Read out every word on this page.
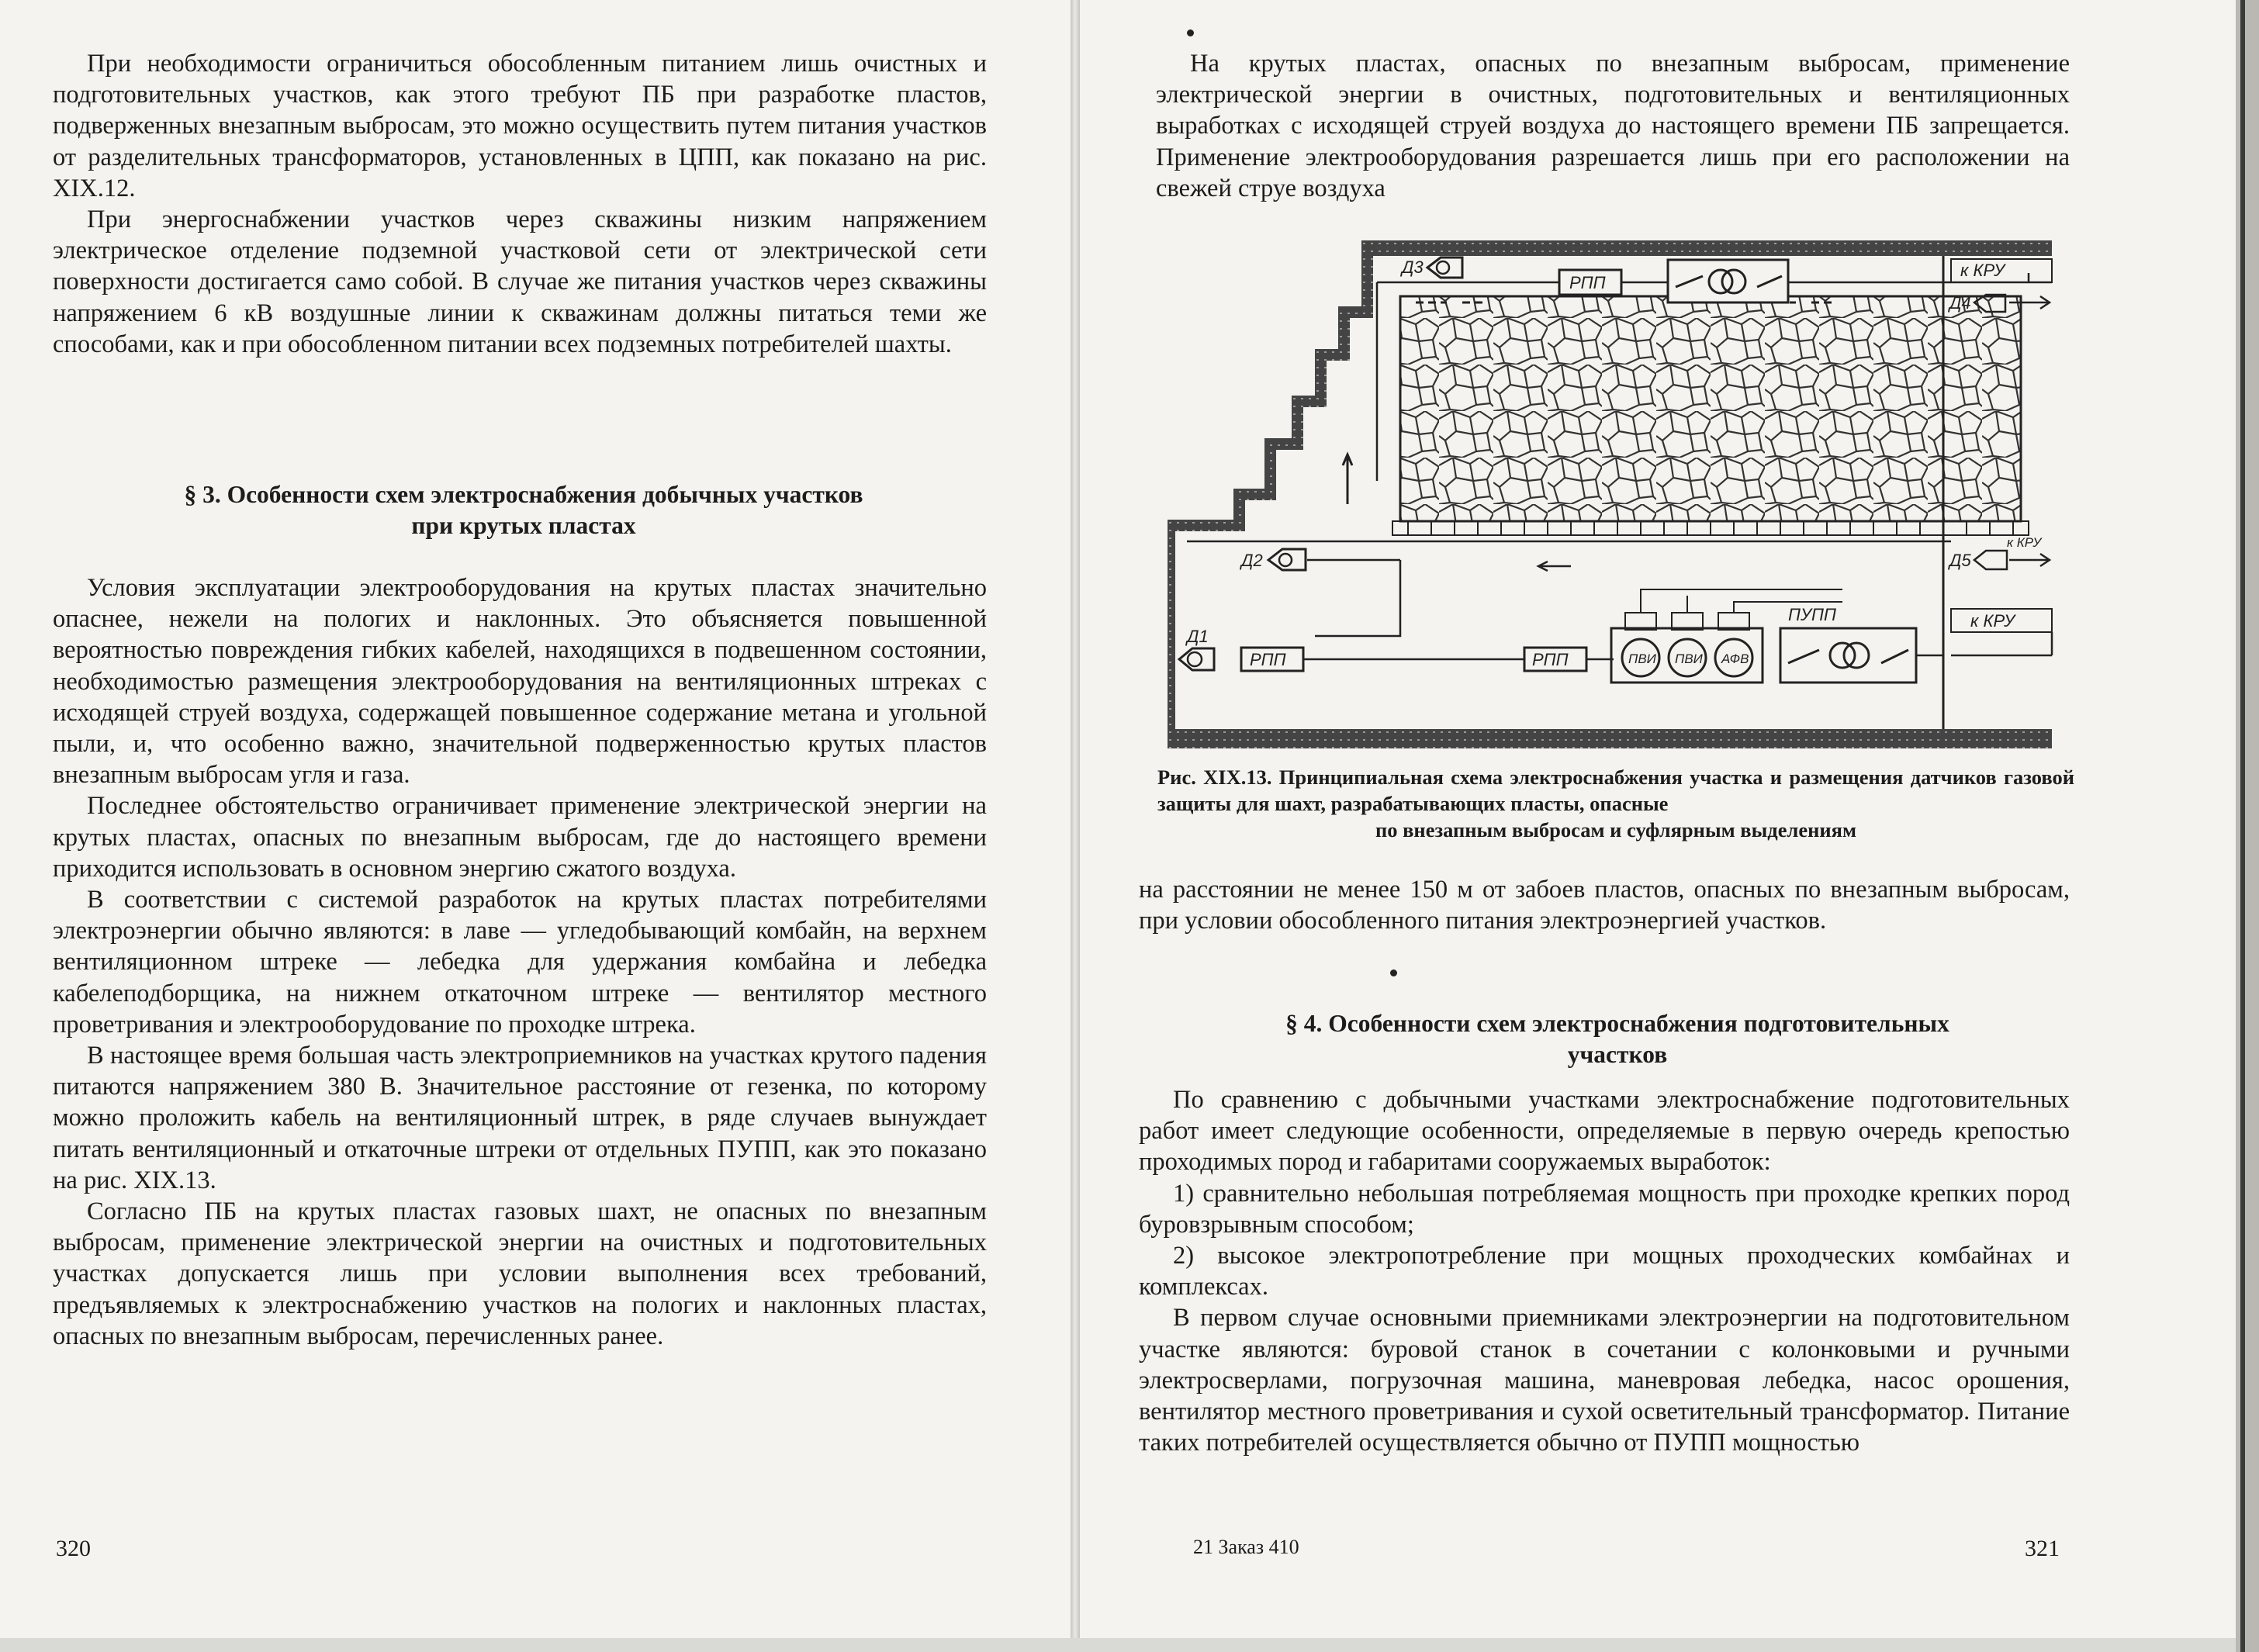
При необходимости ограничиться обособленным питанием лишь очистных и подготовительных участков, как этого требуют ПБ при разработке пластов, подверженных внезапным выбросам, это можно осуществить путем питания участков от разделительных трансформаторов, установленных в ЦПП, как показано на рис. XIX.12.

При энергоснабжении участков через скважины низким напряжением электрическое отделение подземной участковой сети от электрической сети поверхности достигается само собой. В случае же питания участков через скважины напряжением 6 кВ воздушные линии к скважинам должны питаться теми же способами, как и при обособленном питании всех подземных потребителей шахты.

§ 3. Особенности схем электроснабжения добычных участков
при крутых пластах

Условия эксплуатации электрооборудования на крутых пластах значительно опаснее, нежели на пологих и наклонных. Это объясняется повышенной вероятностью повреждения гибких кабелей, находящихся в подвешенном состоянии, необходимостью размещения электрооборудования на вентиляционных штреках с исходящей струей воздуха, содержащей повышенное содержание метана и угольной пыли, и, что особенно важно, значительной подверженностью крутых пластов внезапным выбросам угля и газа.

Последнее обстоятельство ограничивает применение электрической энергии на крутых пластах, опасных по внезапным выбросам, где до настоящего времени приходится использовать в основном энергию сжатого воздуха.

В соответствии с системой разработок на крутых пластах потребителями электроэнергии обычно являются: в лаве — угледобывающий комбайн, на верхнем вентиляционном штреке — лебедка для удержания комбайна и лебедка кабелеподборщика, на нижнем откаточном штреке — вентилятор местного проветривания и электрооборудование по проходке штрека.

В настоящее время большая часть электроприемников на участках крутого падения питаются напряжением 380 В. Значительное расстояние от гезенка, по которому можно проложить кабель на вентиляционный штрек, в ряде случаев вынуждает питать вентиляционный и откаточные штреки от отдельных ПУПП, как это показано на рис. XIX.13.

Согласно ПБ на крутых пластах газовых шахт, не опасных по внезапным выбросам, применение электрической энергии на очистных и подготовительных участках допускается лишь при условии выполнения всех требований, предъявляемых к электроснабжению участков на пологих и наклонных пластах, опасных по внезапным выбросам, перечисленных ранее.

320

На крутых пластах, опасных по внезапным выбросам, применение электрической энергии в очистных, подготовительных и вентиляционных выработках с исходящей струей воздуха до настоящего времени ПБ запрещается. Применение электрооборудования разрешается лишь при его расположении на свежей струе воздуха

РПП
Д3	к КРУ
Д4
Д2
Д1
РПП	РПП	ПВИ ПВИ АФВ
ПУПП
Д5
к КРУ
к КРУ
Рис. XIX.13. Принципиальная схема электроснабжения участка и размещения датчиков газовой защиты для шахт, разрабатывающих пласты, опасные
по внезапным выбросам и суфлярным выделениям

на расстоянии не менее 150 м от забоев пластов, опасных по внезапным выбросам, при условии обособленного питания электроэнергией участков.

§ 4. Особенности схем электроснабжения подготовительных
участков

По сравнению с добычными участками электроснабжение подготовительных работ имеет следующие особенности, определяемые в первую очередь крепостью проходимых пород и габаритами сооружаемых выработок:

1) сравнительно небольшая потребляемая мощность при проходке крепких пород буровзрывным способом;

2) высокое электропотребление при мощных проходческих комбайнах и комплексах.

В первом случае основными приемниками электроэнергии на подготовительном участке являются: буровой станок в сочетании с колонковыми и ручными электросверлами, погрузочная машина, маневровая лебедка, насос орошения, вентилятор местного проветривания и сухой осветительный трансформатор. Питание таких потребителей осуществляется обычно от ПУПП мощностью

21 Заказ 410	321
